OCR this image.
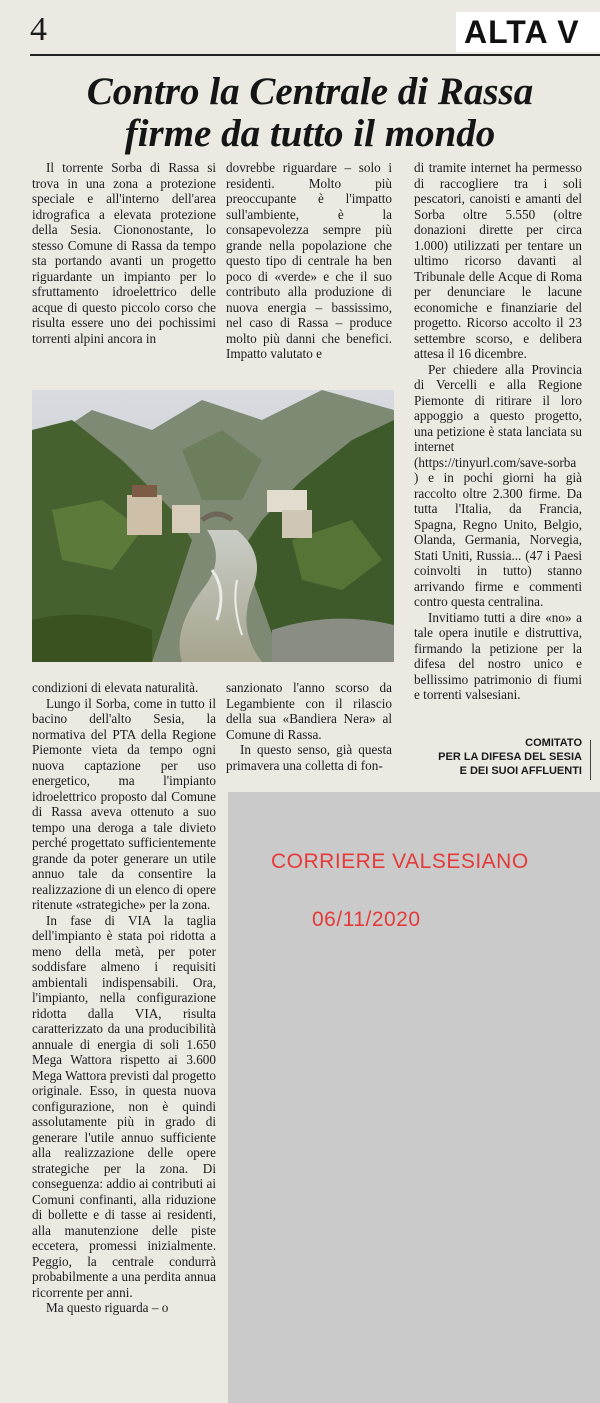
4	ALTA V
Contro la Centrale di Rassa
firme da tutto il mondo

Il torrente Sorba di Rassa si trova in una zona a protezione speciale e all'interno dell'area idrografica a elevata protezione della Sesia. Ciononostante, lo stesso Comune di Rassa da tempo sta portando avanti un progetto riguardante un impianto per lo sfruttamento idroelettrico delle acque di questo piccolo corso che risulta essere uno dei pochissimi torrenti alpini ancora in

dovrebbe riguardare – solo i residenti. Molto più preoccupante è l'impatto sull'ambiente, è la consapevolezza sempre più grande nella popolazione che questo tipo di centrale ha ben poco di «verde» e che il suo contributo alla produzione di nuova energia – bassissimo, nel caso di Rassa – produce molto più danni che benefici. Impatto valutato e

di tramite internet ha permesso di raccogliere tra i soli pescatori, canoisti e amanti del Sorba oltre 5.550 (oltre donazioni dirette per circa 1.000) utilizzati per tentare un ultimo ricorso davanti al Tribunale delle Acque di Roma per denunciare le lacune economiche e finanziarie del progetto. Ricorso accolto il 23 settembre scorso, e delibera attesa il 16 dicembre.

Per chiedere alla Provincia di Vercelli e alla Regione Piemonte di ritirare il loro appoggio a questo progetto, una petizione è stata lanciata su internet (https://tinyurl.com/save-sorba ) e in pochi giorni ha già raccolto oltre 2.300 firme. Da tutta l'Italia, da Francia, Spagna, Regno Unito, Belgio, Olanda, Germania, Norvegia, Stati Uniti, Russia... (47 i Paesi coinvolti in tutto) stanno arrivando firme e commenti contro questa centralina.

Invitiamo tutti a dire «no» a tale opera inutile e distruttiva, firmando la petizione per la difesa del nostro unico e bellissimo patrimonio di fiumi e torrenti valsesiani.

condizioni di elevata naturalità.

Lungo il Sorba, come in tutto il bacino dell'alto Sesia, la normativa del PTA della Regione Piemonte vieta da tempo ogni nuova captazione per uso energetico, ma l'impianto idroelettrico proposto dal Comune di Rassa aveva ottenuto a suo tempo una deroga a tale divieto perché progettato sufficientemente grande da poter generare un utile annuo tale da consentire la realizzazione di un elenco di opere ritenute «strategiche» per la zona.

In fase di VIA la taglia dell'impianto è stata poi ridotta a meno della metà, per poter soddisfare almeno i requisiti ambientali indispensabili. Ora, l'impianto, nella configurazione ridotta dalla VIA, risulta caratterizzato da una producibilità annuale di energia di soli 1.650 Mega Wattora rispetto ai 3.600 Mega Wattora previsti dal progetto originale. Esso, in questa nuova configurazione, non è quindi assolutamente più in grado di generare l'utile annuo sufficiente alla realizzazione delle opere strategiche per la zona. Di conseguenza: addio ai contributi ai Comuni confinanti, alla riduzione di bollette e di tasse ai residenti, alla manutenzione delle piste eccetera, promessi inizialmente. Peggio, la centrale condurrà probabilmente a una perdita annua ricorrente per anni.

Ma questo riguarda – o

sanzionato l'anno scorso da Legambiente con il rilascio della sua «Bandiera Nera» al Comune di Rassa.

In questo senso, già questa primavera una colletta di fon-

COMITATO
PER LA DIFESA DEL SESIA
E DEI SUOI AFFLUENTI
CORRIERE VALSESIANO
06/11/2020
